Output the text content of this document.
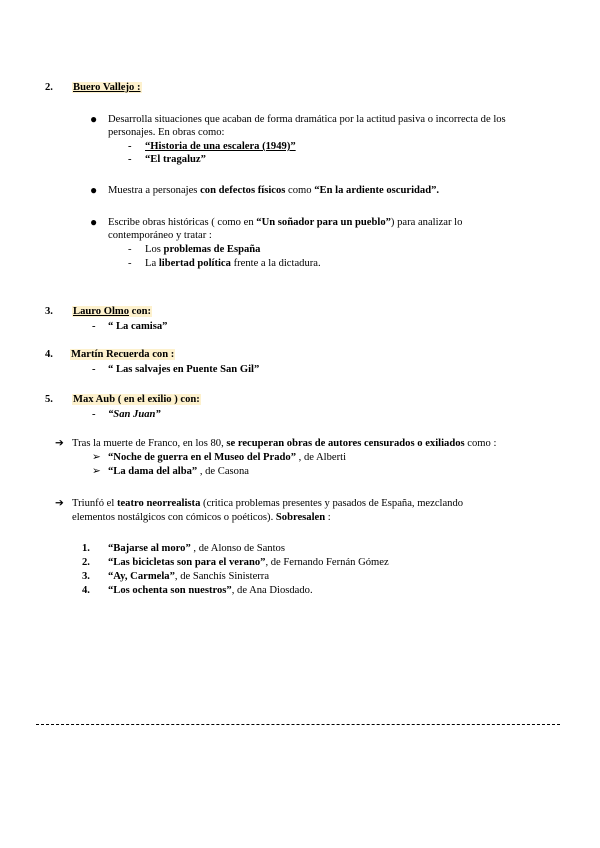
2. Buero Vallejo :
● Desarrolla situaciones que acaban de forma dramática por la actitud pasiva o incorrecta de los
personajes. En obras como:
- “Historia de una escalera (1949)”
- “El tragaluz”
● Muestra a personajes con defectos físicos como “En la ardiente oscuridad”.
● Escribe obras históricas ( como en “Un soñador para un pueblo”) para analizar lo
contemporáneo y tratar :
- Los problemas de España
- La libertad política frente a la dictadura.
3. Lauro Olmo con:
- “ La camisa”
4. Martín Recuerda con :
- “ Las salvajes en Puente San Gil”
5. Max Aub ( en el exilio ) con:
- “San Juan”
➔ Tras la muerte de Franco, en los 80, se recuperan obras de autores censurados o exiliados como :
➢ “Noche de guerra en el Museo del Prado” , de Alberti
➢ “La dama del alba” , de Casona
➔ Triunfó el teatro neorrealista (critica problemas presentes y pasados de España, mezclando
elementos nostálgicos con cómicos o poéticos). Sobresalen :
1. “Bajarse al moro” , de Alonso de Santos
2. “Las bicicletas son para el verano”, de Fernando Fernán Gómez
3. “Ay, Carmela”, de Sanchís Sinisterra
4. “Los ochenta son nuestros”, de Ana Diosdado.
